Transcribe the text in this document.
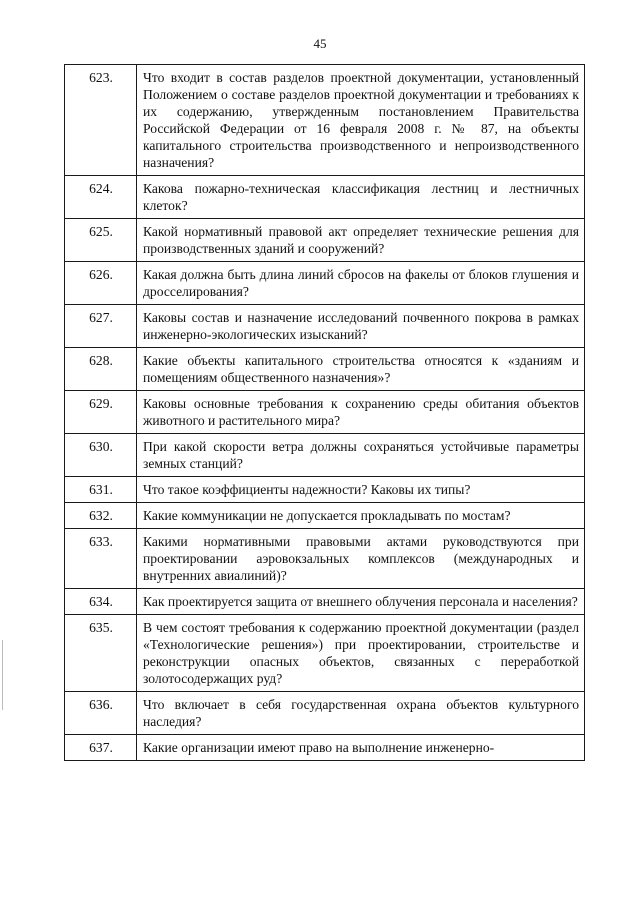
45
623.	Что входит в состав разделов проектной документации, установленный Положением о составе разделов проектной документации и требованиях к их содержанию, утвержденным постановлением Правительства Российской Федерации от 16 февраля 2008 г. № 87, на объекты капитального строительства производственного и непроизводственного назначения?
624.	Какова пожарно-техническая классификация лестниц и лестничных клеток?
625.	Какой нормативный правовой акт определяет технические решения для производственных зданий и сооружений?
626.	Какая должна быть длина линий сбросов на факелы от блоков глушения и дросселирования?
627.	Каковы состав и назначение исследований почвенного покрова в рамках инженерно-экологических изысканий?
628.	Какие объекты капитального строительства относятся к «зданиям и помещениям общественного назначения»?
629.	Каковы основные требования к сохранению среды обитания объектов животного и растительного мира?
630.	При какой скорости ветра должны сохраняться устойчивые параметры земных станций?
631.	Что такое коэффициенты надежности? Каковы их типы?
632.	Какие коммуникации не допускается прокладывать по мостам?
633.	Какими нормативными правовыми актами руководствуются при проектировании аэровокзальных комплексов (международных и внутренних авиалиний)?
634.	Как проектируется защита от внешнего облучения персонала и населения?
635.	В чем состоят требования к содержанию проектной документации (раздел «Технологические решения») при проектировании, строительстве и реконструкции опасных объектов, связанных с переработкой золотосодержащих руд?
636.	Что включает в себя государственная охрана объектов культурного наследия?
637.	Какие организации имеют право на выполнение инженерно-
